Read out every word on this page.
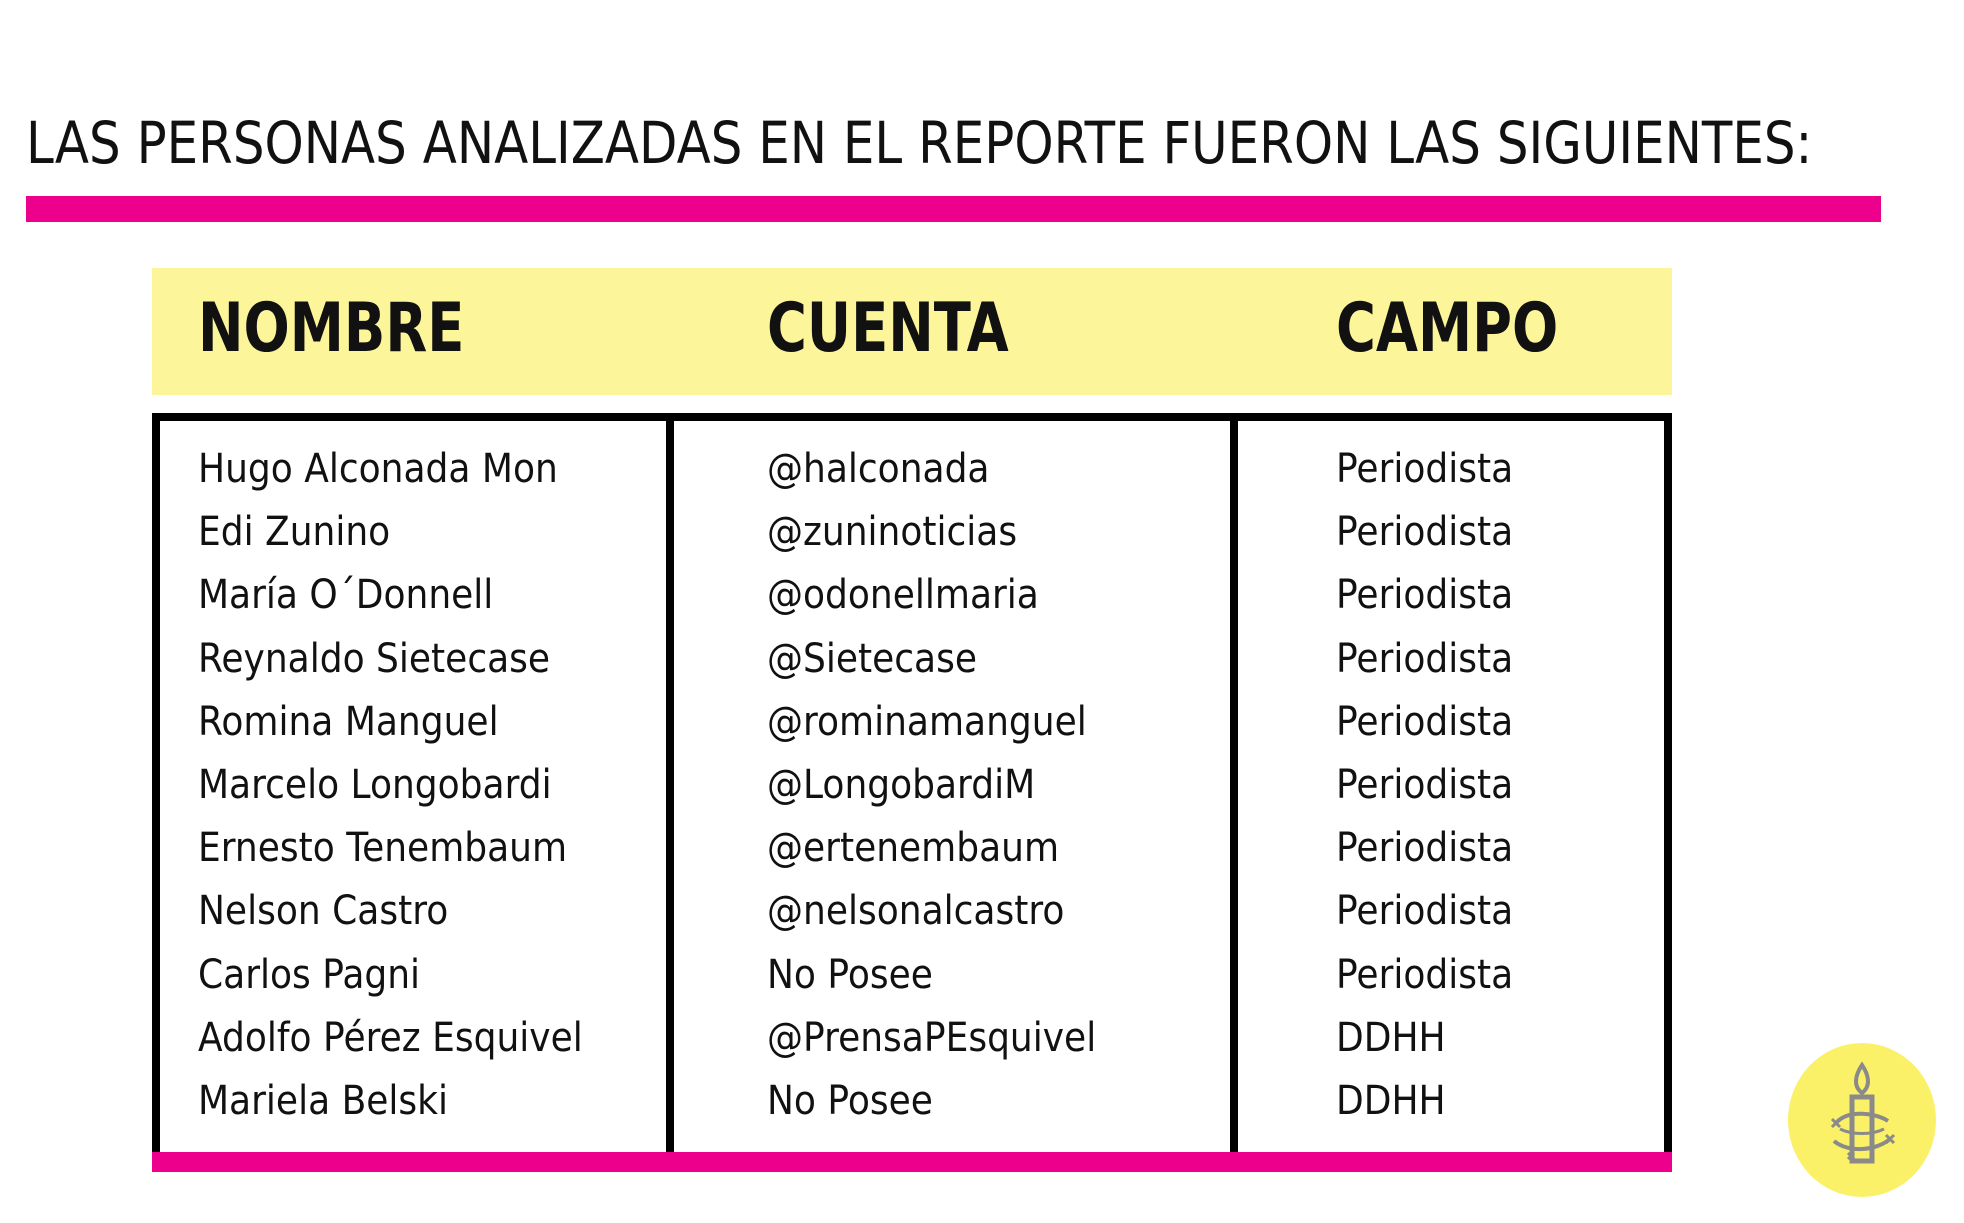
LAS PERSONAS ANALIZADAS EN EL REPORTE FUERON LAS SIGUIENTES:
NOMBRE	CUENTA	CAMPO
Hugo Alconada Mon	@halconada	Periodista
Edi Zunino	@zuninoticias	Periodista
María O´Donnell	@odonellmaria	Periodista
Reynaldo Sietecase	@Sietecase	Periodista
Romina Manguel	@rominamanguel	Periodista
Marcelo Longobardi	@LongobardiM	Periodista
Ernesto Tenembaum	@ertenembaum	Periodista
Nelson Castro	@nelsonalcastro	Periodista
Carlos Pagni	No Posee	Periodista
Adolfo Pérez Esquivel	@PrensaPEsquivel	DDHH
Mariela Belski	No Posee	DDHH
